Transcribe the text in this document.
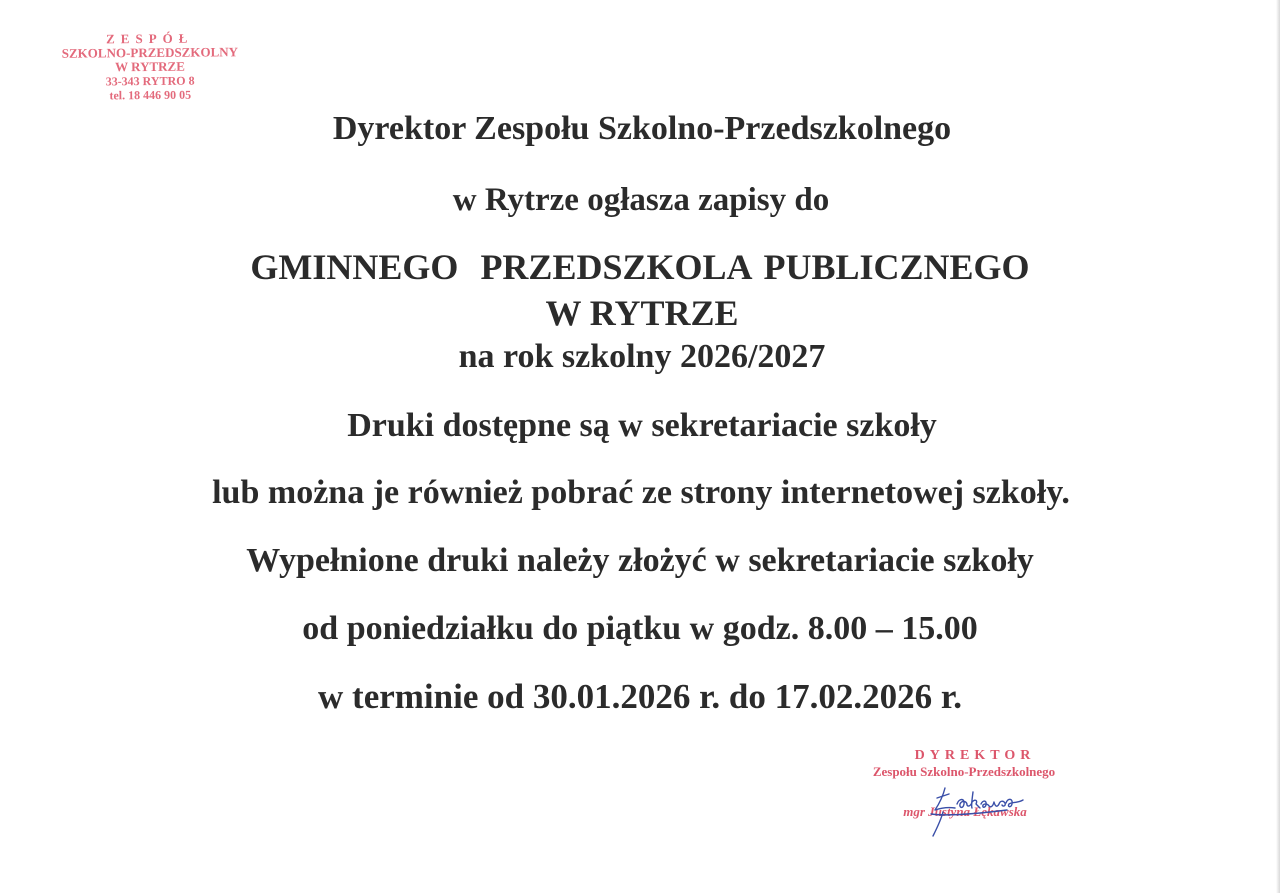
ZESPÓŁ
SZKOLNO-PRZEDSZKOLNY
W RYTRZE
33-343 RYTRO 8
tel. 18 446 90 05
Dyrektor Zespołu Szkolno-Przedszkolnego
w Rytrze ogłasza zapisy do
GMINNEGO PRZEDSZKOLA PUBLICZNEGO
W RYTRZE
na rok szkolny 2026/2027
Druki dostępne są w sekretariacie szkoły
lub można je również pobrać ze strony internetowej szkoły.
Wypełnione druki należy złożyć w sekretariacie szkoły
od poniedziałku do piątku w godz. 8.00 – 15.00
w terminie od 30.01.2026 r. do 17.02.2026 r.
DYREKTOR
Zespołu Szkolno-Przedszkolnego
mgr Justyna Łękawska
